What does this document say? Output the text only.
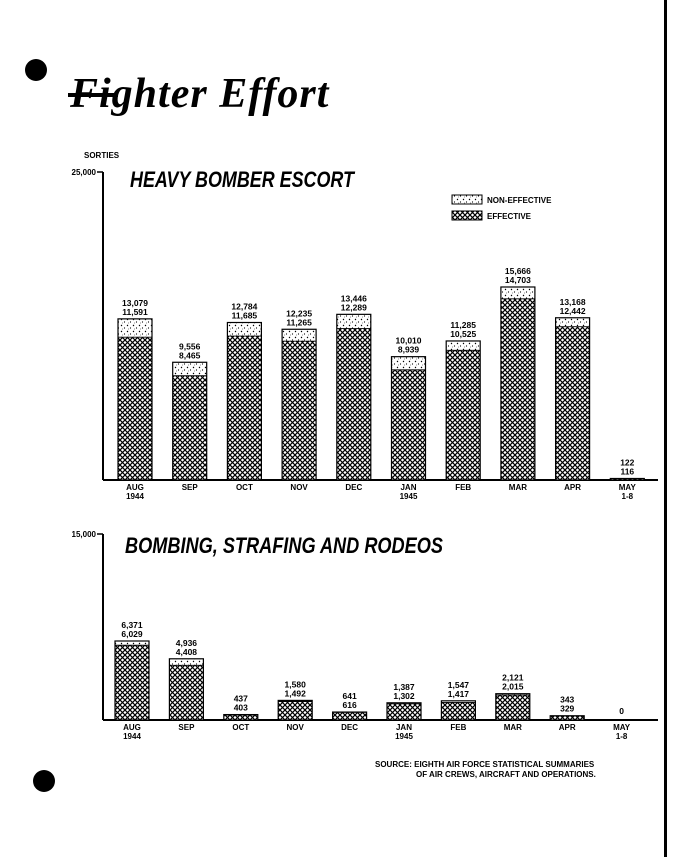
Fighter Effort
SORTIES
25,000 HEAVY BOMBER ESCORT
NON-EFFECTIVE
EFFECTIVE
11,591
13,079
AUG
1944
8,465
9,556
SEP
11,685
12,784
OCT
11,265
12,235
NOV
12,289
13,446
DEC
8,939
10,010
JAN
1945
10,525
11,285
FEB
14,703
15,666
MAR
12,442
13,168
APR
116
122
MAY
1-8
15,000 BOMBING, STRAFING AND RODEOS
6,029
6,371
AUG
1944
4,408
4,936
SEP
403
437
OCT
1,492
1,580
NOV
616
641
DEC
1,302
1,387
JAN
1945
1,417
1,547
FEB
2,015
2,121
MAR
329
343
APR
0
MAY
1-8
SOURCE: EIGHTH AIR FORCE STATISTICAL SUMMARIES
OF AIR CREWS, AIRCRAFT AND OPERATIONS.
